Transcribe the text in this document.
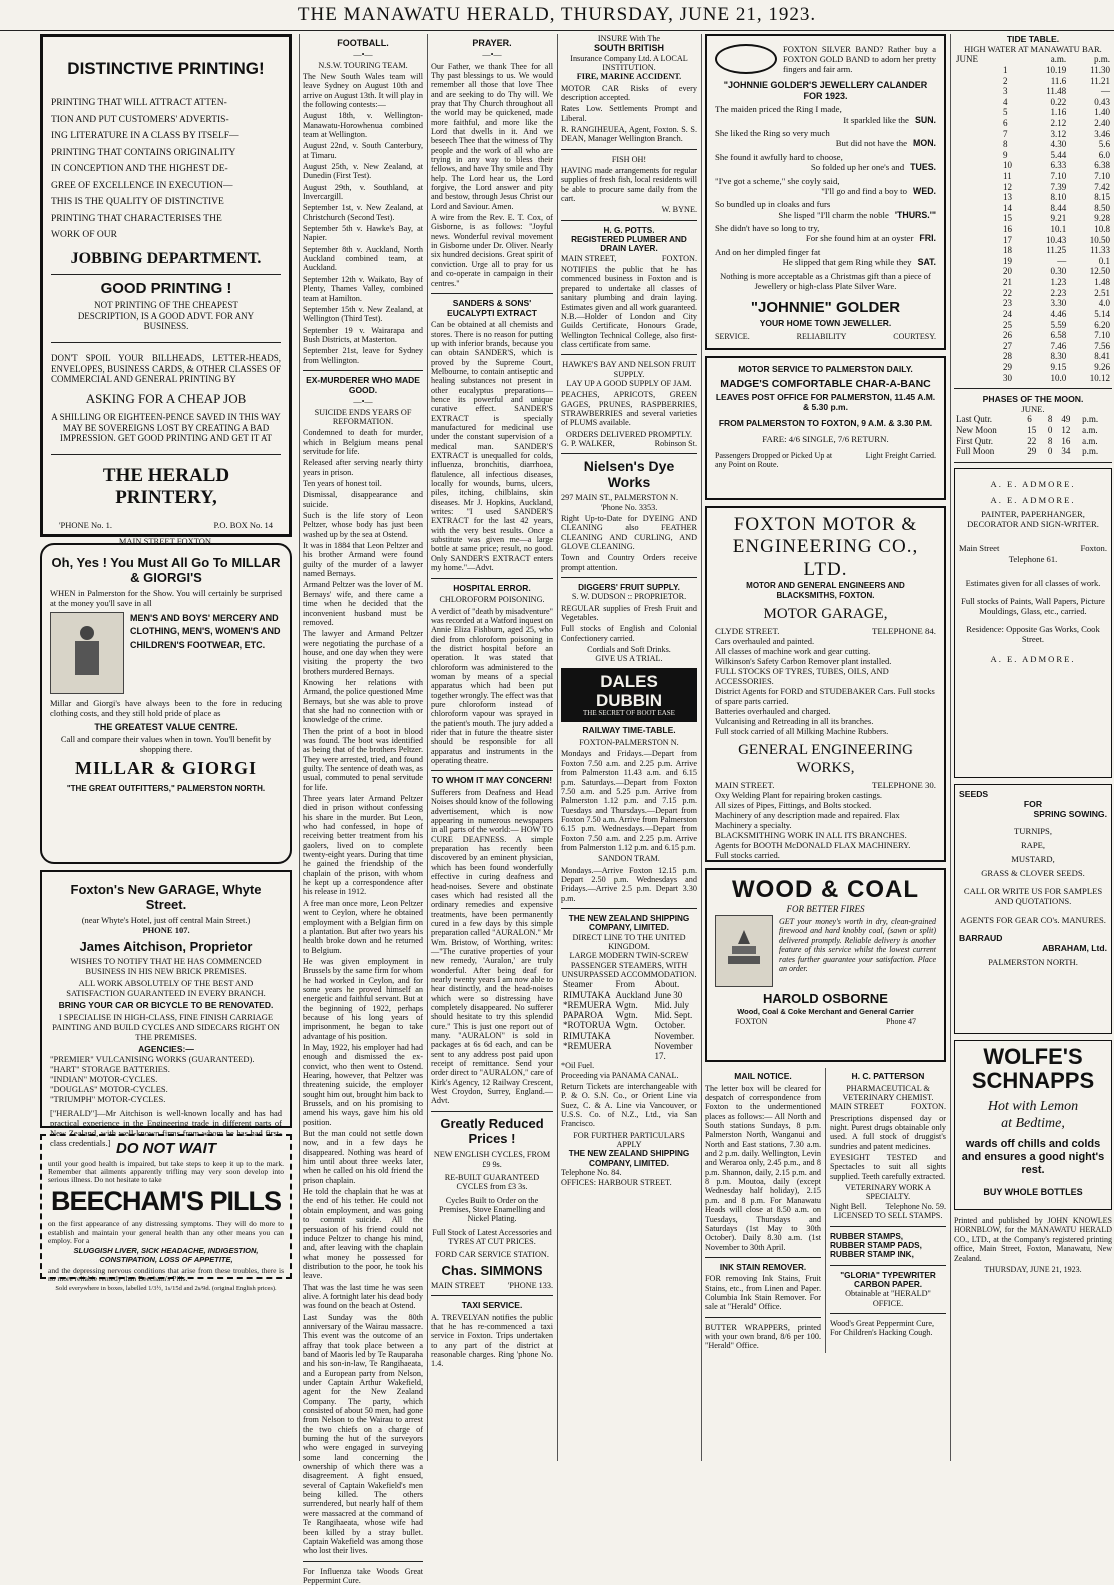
THE MANAWATU HERALD, THURSDAY, JUNE 21, 1923.
DISTINCTIVE PRINTING!
PRINTING THAT WILL ATTRACT ATTEN-
TION AND PUT CUSTOMERS' ADVERTIS-
ING LITERATURE IN A CLASS BY ITSELF—
PRINTING THAT CONTAINS ORIGINALITY
IN CONCEPTION AND THE HIGHEST DE-
GREE OF EXCELLENCE IN EXECUTION—
THIS IS THE QUALITY OF DISTINCTIVE
PRINTING THAT CHARACTERISES THE
WORK OF OUR
JOBBING DEPARTMENT.
GOOD PRINTING !

NOT PRINTING OF THE CHEAPEST DESCRIPTION, IS A GOOD ADVT. FOR ANY BUSINESS.

DON'T SPOIL YOUR BILLHEADS, LETTER-HEADS, ENVELOPES, BUSINESS CARDS, & OTHER CLASSES OF COMMERCIAL AND GENERAL PRINTING BY

ASKING FOR A CHEAP JOB

A SHILLING OR EIGHTEEN-PENCE SAVED IN THIS WAY MAY BE SOVEREIGNS LOST BY CREATING A BAD IMPRESSION. GET GOOD PRINTING AND GET IT AT

THE HERALD PRINTERY,
'PHONE No. 1.	P.O. BOX No. 14
MAIN STREET FOXTON.
Oh, Yes ! You Must All Go To MILLAR & GIORGI'S

WHEN in Palmerston for the Show. You will certainly be surprised at the money you'll save in all

MEN'S AND BOYS' MERCERY AND CLOTHING, MEN'S, WOMEN'S AND CHILDREN'S FOOTWEAR, ETC.

Millar and Giorgi's have always been to the fore in reducing clothing costs, and they still hold pride of place as

THE GREATEST VALUE CENTRE.

Call and compare their values when in town. You'll benefit by shopping there.

MILLAR & GIORGI
"THE GREAT OUTFITTERS," PALMERSTON NORTH.
Foxton's New GARAGE, Whyte Street.
(near Whyte's Hotel, just off central Main Street.)
PHONE 107.
James Aitchison, Proprietor

WISHES TO NOTIFY THAT HE HAS COMMENCED BUSINESS IN HIS NEW BRICK PREMISES.

ALL WORK ABSOLUTELY OF THE BEST AND SATISFACTION GUARANTEED IN EVERY BRANCH.

BRING YOUR CAR OR BICYCLE TO BE RENOVATED.

I SPECIALISE IN HIGH-CLASS, FINE FINISH CARRIAGE PAINTING AND BUILD CYCLES AND SIDECARS RIGHT ON THE PREMISES.

AGENCIES:—
"PREMIER" VULCANISING WORKS (GUARANTEED).
"HART" STORAGE BATTERIES.
"INDIAN" MOTOR-CYCLES.
"DOUGLAS" MOTOR-CYCLES.
"TRIUMPH" MOTOR-CYCLES.

["HERALD"]—Mr Aitchison is well-known locally and has had practical experience in the Engineering trade in different parts of New Zealand, with well-known firms from whom he has had first-class credentials.] DO NOT WAIT

until your good health is impaired, but take steps to keep it up to the mark. Remember that ailments apparently trifling may very soon develop into serious illness. Do not hesitate to take

BEECHAM'S PILLS

on the first appearance of any distressing symptoms. They will do more to establish and maintain your general health than any other means you can employ. For a

SLUGGISH LIVER, SICK HEADACHE, INDIGESTION, CONSTIPATION, LOSS OF APPETITE,

and the depressing nervous conditions that arise from these troubles, there is no more reliable remedy than Beecham's Pills.

Sold everywhere in boxes, labelled 1/3½, 1s/15d and 2s/9d. (original English prices).
FOOTBALL.
—•—
N.S.W. TOURING TEAM.

The New South Wales team will leave Sydney on August 10th and arrive on August 13th. It will play in the following contests:—

August 18th, v. Wellington-Manawatu-Horowhenua combined team at Wellington.

August 22nd, v. South Canterbury, at Timaru.

August 25th, v. New Zealand, at Dunedin (First Test).

August 29th, v. Southland, at Invercargill.

September 1st, v. New Zealand, at Christchurch (Second Test).

September 5th v. Hawke's Bay, at Napier.

September 8th v. Auckland, North Auckland combined team, at Auckland.

September 12th v. Waikato, Bay of Plenty, Thames Valley, combined team at Hamilton.

September 15th v. New Zealand, at Wellington (Third Test).

September 19 v. Wairarapa and Bush Districts, at Masterton.

September 21st, leave for Sydney from Wellington.

EX-MURDERER WHO MADE GOOD.
—•—
SUICIDE ENDS YEARS OF REFORMATION.

Condemned to death for murder, which in Belgium means penal servitude for life.

Released after serving nearly thirty years in prison.

Ten years of honest toil.

Dismissal, disappearance and suicide.

Such is the life story of Leon Peltzer, whose body has just been washed up by the sea at Ostend.

It was in 1884 that Leon Peltzer and his brother Armand were found guilty of the murder of a lawyer named Bernays.

Armand Peltzer was the lover of M. Bernays' wife, and there came a time when he decided that the inconvenient husband must be removed.

The lawyer and Armand Peltzer were negotiating the purchase of a house, and one day when they were visiting the property the two brothers murdered Bernays.

Knowing her relations with Armand, the police questioned Mme Bernays, but she was able to prove that she had no connection with or knowledge of the crime.

Then the print of a boot in blood was found. The boot was identified as being that of the brothers Peltzer. They were arrested, tried, and found guilty. The sentence of death was, as usual, commuted to penal servitude for life.

Three years later Armand Peltzer died in prison without confessing his share in the murder. But Leon, who had confessed, in hope of receiving better treatment from his gaolers, lived on to complete twenty-eight years. During that time he gained the friendship of the chaplain of the prison, with whom he kept up a correspondence after his release in 1912.

A free man once more, Leon Peltzer went to Ceylon, where he obtained employment with a Belgian firm on a plantation. But after two years his health broke down and he returned to Belgium.

He was given employment in Brussels by the same firm for whom he had worked in Ceylon, and for some years he proved himself an energetic and faithful servant. But at the beginning of 1922, perhaps because of his long years of imprisonment, he began to take advantage of his position.

In May, 1922, his employer had had enough and dismissed the ex-convict, who then went to Ostend. Hearing, however, that Peltzer was threatening suicide, the employer sought him out, brought him back to Brussels, and on his promising to amend his ways, gave him his old position.

But the man could not settle down now, and in a few days he disappeared. Nothing was heard of him until about three weeks later, when he called on his old friend the prison chaplain.

He told the chaplain that he was at the end of his tether. He could not obtain employment, and was going to commit suicide. All the persuasion of his friend could not induce Peltzer to change his mind, and, after leaving with the chaplain what money he possessed for distribution to the poor, he took his leave.

That was the last time he was seen alive. A fortnight later his dead body was found on the beach at Ostend.

Last Sunday was the 80th anniversary of the Wairau massacre. This event was the outcome of an affray that took place between a band of Maoris led by Te Rauparaha and his son-in-law, Te Rangihaeata, and a European party from Nelson, under Captain Arthur Wakefield, agent for the New Zealand Company. The party, which consisted of about 50 men, had gone from Nelson to the Wairau to arrest the two chiefs on a charge of burning the hut of the surveyors who were engaged in surveying some land concerning the ownership of which there was a disagreement. A fight ensued, several of Captain Wakefield's men being killed. The others surrendered, but nearly half of them were massacred at the command of Te Rangihaeata, whose wife had been killed by a stray bullet. Captain Wakefield was among those who lost their lives.

For Influenza take Woods Great Peppermint Cure.

PRAYER.
—•—

Our Father, we thank Thee for all Thy past blessings to us. We would remember all those that love Thee and are seeking to do Thy will. We pray that Thy Church throughout all the world may be quickened, made more faithful, and more like the Lord that dwells in it. And we beseech Thee that the witness of Thy people and the work of all who are trying in any way to bless their fellows, and have Thy smile and Thy help. The Lord hear us, the Lord forgive, the Lord answer and pity and bestow, through Jesus Christ our Lord and Saviour. Amen.

A wire from the Rev. E. T. Cox, of Gisborne, is as follows: "Joyful news. Wonderful revival movement in Gisborne under Dr. Oliver. Nearly six hundred decisions. Great spirit of conviction. Urge all to pray for us and co-operate in campaign in their centres."

SANDERS & SONS' EUCALYPTI EXTRACT

Can be obtained at all chemists and stores. There is no reason for putting up with inferior brands, because you can obtain SANDER'S, which is proved by the Supreme Court, Melbourne, to contain antiseptic and healing substances not present in other eucalyptus preparations—hence its powerful and unique curative effect. SANDER'S EXTRACT is specially manufactured for medicinal use under the constant supervision of a medical man. SANDER'S EXTRACT is unequalled for colds, influenza, bronchitis, diarrhoea, flatulence, all infectious diseases, locally for wounds, burns, ulcers, piles, itching, chilblains, skin diseases. Mr J. Hopkins, Auckland, writes: "I used SANDER'S EXTRACT for the last 42 years, with the very best results. Once a substitute was given me—a large bottle at same price; result, no good. Only SANDER'S EXTRACT enters my home."—Advt.

HOSPITAL ERROR.
CHLOROFORM POISONING.

A verdict of "death by misadventure" was recorded at a Watford inquest on Annie Eliza Fishburn, aged 25, who died from chloroform poisoning in the district hospital before an operation. It was stated that chloroform was administered to the woman by means of a special apparatus which had been put together wrongly. The effect was that pure chloroform instead of chloroform vapour was sprayed in the patient's mouth. The jury added a rider that in future the theatre sister should be responsible for all apparatus and instruments in the operating theatre.

TO WHOM IT MAY CONCERN!

Sufferers from Deafness and Head Noises should know of the following advertisement, which is now appearing in numerous newspapers in all parts of the world:— HOW TO CURE DEAFNESS. A simple preparation has recently been discovered by an eminent physician, which has been found wonderfully effective in curing deafness and head-noises. Severe and obstinate cases which had resisted all the ordinary remedies and expensive treatments, have been permanently cured in a few days by this simple preparation called "AURALON." Mr Wm. Bristow, of Worthing, writes:—"The curative properties of your new remedy, 'Auralon,' are truly wonderful. After being deaf for nearly twenty years I am now able to hear distinctly, and the head-noises which were so distressing have completely disappeared. No sufferer should hesitate to try this splendid cure." This is just one report out of many. "AURALON" is sold in packages at 6s 6d each, and can be sent to any address post paid upon receipt of remittance. Send your order direct to "AURALON," care of Kirk's Agency, 12 Railway Crescent, West Croydon, Surrey, England.—Advt.

Greatly Reduced Prices !
NEW ENGLISH CYCLES, FROM £9 9s.
RE-BUILT GUARANTEED CYCLES from £3 3s.
Cycles Built to Order on the Premises, Stove Enamelling and Nickel Plating.
Full Stock of Latest Accessories and TYRES AT CUT PRICES.
FORD CAR SERVICE STATION.
Chas. SIMMONS
MAIN STREET	'PHONE 133.
TAXI SERVICE.

A. TREVELYAN notifies the public that he has re-commenced a taxi service in Foxton. Trips undertaken to any part of the district at reasonable charges. Ring 'phone No. 1.4.

INSURE With The
SOUTH BRITISH
Insurance Company Ltd. A LOCAL INSTITUTION.
FIRE, MARINE ACCIDENT.

MOTOR CAR Risks of every description accepted.

Rates Low. Settlements Prompt and Liberal.

R. RANGIHEUEA, Agent, Foxton. S. S. DEAN, Manager Wellington Branch.

FISH OH!

HAVING made arrangements for regular supplies of fresh fish, local residents will be able to procure same daily from the cart.

W. BYNE.
H. G. POTTS.
REGISTERED PLUMBER AND DRAIN LAYER.
MAIN STREET,	FOXTON.

NOTIFIES the public that he has commenced business in Foxton and is prepared to undertake all classes of sanitary plumbing and drain laying. Estimates given and all work guaranteed. N.B.—Holder of London and City Guilds Certificate, Honours Grade, Wellington Technical College, also first-class certificate from same.

HAWKE'S BAY AND NELSON FRUIT SUPPLY.
LAY UP A GOOD SUPPLY OF JAM.

PEACHES, APRICOTS, GREEN GAGES, PRUNES, RASPBERRIES, STRAWBERRIES and several varieties of PLUMS available.

ORDERS DELIVERED PROMPTLY.
G. P. WALKER,	Robinson St.
Nielsen's Dye Works
297 MAIN ST., PALMERSTON N.
'Phone No. 3353.

Right Up-to-Date for DYEING AND CLEANING also FEATHER CLEANING AND CURLING, AND GLOVE CLEANING.

Town and Country Orders receive prompt attention.

DIGGERS' FRUIT SUPPLY.
S. W. DUDSON :: PROPRIETOR.

REGULAR supplies of Fresh Fruit and Vegetables.

Full stocks of English and Colonial Confectionery carried.

Cordials and Soft Drinks.
GIVE US A TRIAL.
DALES DUBBIN
THE SECRET OF BOOT EASE
RAILWAY TIME-TABLE.
FOXTON-PALMERSTON N.

Mondays and Fridays.—Depart from Foxton 7.50 a.m. and 2.25 p.m. Arrive from Palmerston 11.43 a.m. and 6.15 p.m. Saturdays.—Depart from Foxton 7.50 a.m. and 5.25 p.m. Arrive from Palmerston 1.12 p.m. and 7.15 p.m. Tuesdays and Thursdays.—Depart from Foxton 7.50 a.m. Arrive from Palmerston 6.15 p.m. Wednesdays.—Depart from Foxton 7.50 a.m. and 2.25 p.m. Arrive from Palmerston 1.12 p.m. and 6.15 p.m.

SANDON TRAM.

Mondays.—Arrive Foxton 12.15 p.m. Depart 2.50 p.m. Wednesdays and Fridays.—Arrive 2.5 p.m. Depart 3.30 p.m.

THE NEW ZEALAND SHIPPING COMPANY, LIMITED.
DIRECT LINE TO THE UNITED KINGDOM.
LARGE MODERN TWIN-SCREW PASSENGER STEAMERS, WITH UNSURPASSED ACCOMMODATION.
Steamer	From	About.
RIMUTAKA	Auckland	June 30
*REMUERA	Wgtn.	Mid. July
PAPAROA	Wgtn.	Mid. Sept.
*ROTORUA	Wgtn.	October.
RIMUTAKA		November.
*REMUERA		November 17.
*Oil Fuel.
Proceeding via PANAMA CANAL.

Return Tickets are interchangeable with P. & O. S.N. Co., or Orient Line via Suez, C. & A. Line via Vancouver, or U.S.S. Co. of N.Z., Ltd., via San Francisco.

FOR FURTHER PARTICULARS APPLY
THE NEW ZEALAND SHIPPING COMPANY, LIMITED.
Telephone No. 84.
OFFICES: HARBOUR STREET.

FOXTON SILVER BAND? Rather buy a FOXTON GOLD BAND to adorn her pretty fingers and fair arm.

"JOHNNIE GOLDER'S JEWELLERY CALANDER FOR 1923.
The maiden priced the Ring I made,
It sparkled like the SUN.
She liked the Ring so very much
But did not have the MON.
She found it awfully hard to choose,
So folded up her one's and TUES.
"I've got a scheme," she coyly said,
"I'll go and find a boy to WED.
So bundled up in cloaks and furs
She lisped "I'll charm the noble 'THURS.'"
She didn't have so long to try,
For she found him at an oyster FRI.
And on her dimpled finger fat
He slipped that gem Ring while they SAT.

Nothing is more acceptable as a Christmas gift than a piece of Jewellery or high-class Plate Silver Ware.

"JOHNNIE" GOLDER
YOUR HOME TOWN JEWELLER.
SERVICE.	RELIABILITY	COURTESY.
MOTOR SERVICE TO PALMERSTON DAILY.
MADGE'S COMFORTABLE CHAR-A-BANC
LEAVES POST OFFICE FOR PALMERSTON, 11.45 A.M. & 5.30 p.m.
FROM PALMERSTON TO FOXTON, 9 A.M. & 3.30 P.M.
FARE: 4/6 SINGLE, 7/6 RETURN.
Passengers Dropped or Picked Up at any Point on Route.
Light Freight Carried.
FOXTON MOTOR & ENGINEERING CO., LTD.
MOTOR AND GENERAL ENGINEERS AND BLACKSMITHS, FOXTON.
MOTOR GARAGE,
CLYDE STREET.	TELEPHONE 84.
Cars overhauled and painted.
All classes of machine work and gear cutting.
Wilkinson's Safety Carbon Remover plant installed.
FULL STOCKS OF TYRES, TUBES, OILS, AND ACCESSORIES.
District Agents for FORD and STUDEBAKER Cars. Full stocks of spare parts carried.
Batteries overhauled and charged.
Vulcanising and Retreading in all its branches.
Full stock carried of all Milking Machine Rubbers.
GENERAL ENGINEERING WORKS,
MAIN STREET.	TELEPHONE 30.
Oxy Welding Plant for repairing broken castings.
All sizes of Pipes, Fittings, and Bolts stocked.
Machinery of any description made and repaired. Flax Machinery a specialty.
BLACKSMITHING WORK IN ALL ITS BRANCHES.
Agents for BOOTH McDONALD FLAX MACHINERY.
Full stocks carried.
WOOD & COAL
FOR BETTER FIRES

GET your money's worth in dry, clean-grained firewood and hard knobby coal, (sawn or split) delivered promptly. Reliable delivery is another feature of this service whilst the lowest current rates further guarantee your satisfaction. Place an order.

HAROLD OSBORNE
Wood, Coal & Coke Merchant and General Carrier
FOXTON	Phone 47
MAIL NOTICE.

The letter box will be cleared for despatch of correspondence from Foxton to the undermentioned places as follows:— All North and South stations Sundays, 8 p.m. Palmerston North, Wanganui and North and East stations, 7.30 a.m. and 2 p.m. daily. Wellington, Levin and Weraroa only, 2.45 p.m., and 8 p.m. Shannon, daily, 2.15 p.m. and 8 p.m. Moutoa, daily (except Wednesday half holiday), 2.15 p.m. and 8 p.m. For Manawatu Heads will close at 8.50 a.m. on Tuesdays, Thursdays and Saturdays (1st May to 30th October). Daily 8.30 a.m. (1st November to 30th April.

INK STAIN REMOVER.

FOR removing Ink Stains, Fruit Stains, etc., from Linen and Paper. Columbia Ink Stain Remover. For sale at "Herald" Office.

BUTTER WRAPPERS, printed with your own brand, 8/6 per 100. "Herald" Office.

H. C. PATTERSON
PHARMACEUTICAL & VETERINARY CHEMIST.
MAIN STREET	FOXTON.

Prescriptions dispensed day or night. Purest drugs obtainable only used. A full stock of druggist's sundries and patent medicines.

EYESIGHT TESTED and Spectacles to suit all sights supplied. Teeth carefully extracted.

VETERINARY WORK A SPECIALTY.
Night Bell. Telephone No. 59.
LICENSED TO SELL STAMPS.
RUBBER STAMPS,
RUBBER STAMP PADS,
RUBBER STAMP INK,
"GLORIA" TYPEWRITER CARBON PAPER.
Obtainable at "HERALD" OFFICE.
Wood's Great Peppermint Cure, For Children's Hacking Cough.
TIDE TABLE.
HIGH WATER AT MANAWATU BAR.
JUNE		a.m.	p.m.
	1	10.19	11.30
	2	11.6	11.21
	3	11.48	—
	4	0.22	0.43
	5	1.16	1.40
	6	2.12	2.40
	7	3.12	3.46
	8	4.30	5.6
	9	5.44	6.0
	10	6.33	6.38
	11	7.10	7.10
	12	7.39	7.42
	13	8.10	8.15
	14	8.44	8.50
	15	9.21	9.28
	16	10.1	10.8
	17	10.43	10.50
	18	11.25	11.33
	19	—	0.1
	20	0.30	12.50
	21	1.23	1.48
	22	2.23	2.51
	23	3.30	4.0
	24	4.46	5.14
	25	5.59	6.20
	26	6.58	7.10
	27	7.46	7.56
	28	8.30	8.41
	29	9.15	9.26
	30	10.0	10.12
PHASES OF THE MOON.
JUNE.
Last Qutr.	6	8	49	p.m.
New Moon	15	0	12	a.m.
First Qutr.	22	8	16	a.m.
Full Moon	29	0	34	p.m.
A. E. ADMORE.
A. E. ADMORE.

PAINTER, PAPERHANGER, DECORATOR AND SIGN-WRITER.

Main Street	Foxton.
Telephone 61.

Estimates given for all classes of work.

Full stocks of Paints, Wall Papers, Picture Mouldings, Glass, etc., carried.

Residence: Opposite Gas Works, Cook Street.

A. E. ADMORE.
SEEDS
FOR
SPRING SOWING.
TURNIPS,
RAPE,
MUSTARD,
GRASS & CLOVER SEEDS.

CALL OR WRITE US FOR SAMPLES AND QUOTATIONS.

AGENTS FOR GEAR CO's. MANURES.

BARRAUD
ABRAHAM, Ltd.
PALMERSTON NORTH.
WOLFE'S
SCHNAPPS
Hot with Lemon
at Bedtime,
wards off chills and colds and ensures a good night's rest.
BUY WHOLE BOTTLES

Printed and published by JOHN KNOWLES HORNBLOW, for the MANAWATU HERALD CO., LTD., at the Company's registered printing office, Main Street, Foxton, Manawatu, New Zealand.

THURSDAY, JUNE 21, 1923.
